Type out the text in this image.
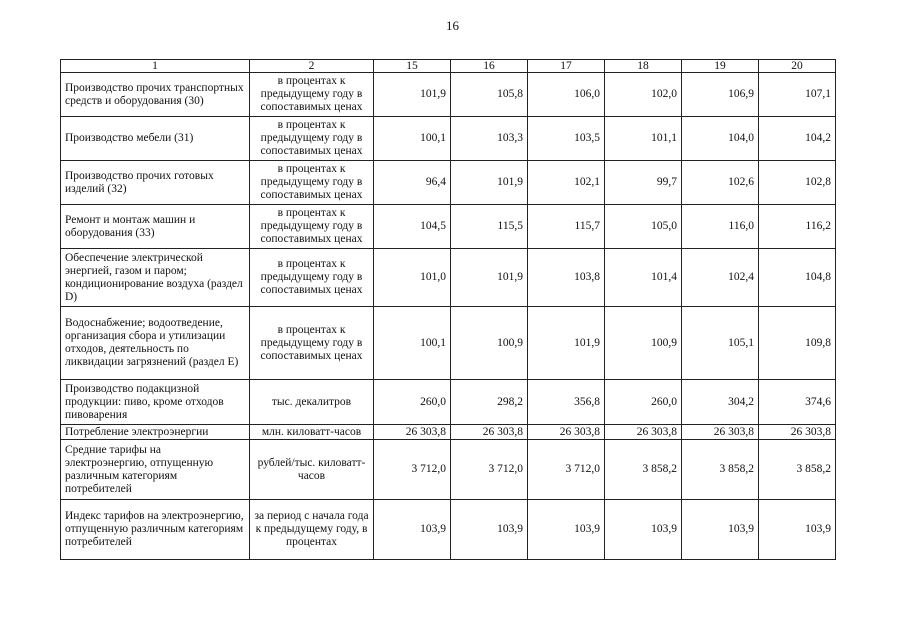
16
1	2	15	16	17	18	19	20
Производство прочих транспортных средств и оборудования (30)	в процентах к предыдущему году в сопоставимых ценах	101,9	105,8	106,0	102,0	106,9	107,1
Производство мебели (31)	в процентах к предыдущему году в сопоставимых ценах	100,1	103,3	103,5	101,1	104,0	104,2
Производство прочих готовых изделий (32)	в процентах к предыдущему году в сопоставимых ценах	96,4	101,9	102,1	99,7	102,6	102,8
Ремонт и монтаж машин и оборудования (33)	в процентах к предыдущему году в сопоставимых ценах	104,5	115,5	115,7	105,0	116,0	116,2
Обеспечение электрической энергией, газом и паром; кондиционирование воздуха (раздел D)	в процентах к предыдущему году в сопоставимых ценах	101,0	101,9	103,8	101,4	102,4	104,8
Водоснабжение; водоотведение, организация сбора и утилизации отходов, деятельность по ликвидации загрязнений (раздел E)	в процентах к предыдущему году в сопоставимых ценах	100,1	100,9	101,9	100,9	105,1	109,8
Производство подакцизной продукции: пиво, кроме отходов пивоварения	тыс. декалитров	260,0	298,2	356,8	260,0	304,2	374,6
Потребление электроэнергии	млн. киловатт-часов	26 303,8	26 303,8	26 303,8	26 303,8	26 303,8	26 303,8
Средние тарифы на электроэнергию, отпущенную различным категориям потребителей	рублей/тыс. киловатт-часов	3 712,0	3 712,0	3 712,0	3 858,2	3 858,2	3 858,2
Индекс тарифов на электроэнергию, отпущенную различным категориям потребителей	за период с начала года к предыдущему году, в процентах	103,9	103,9	103,9	103,9	103,9	103,9
